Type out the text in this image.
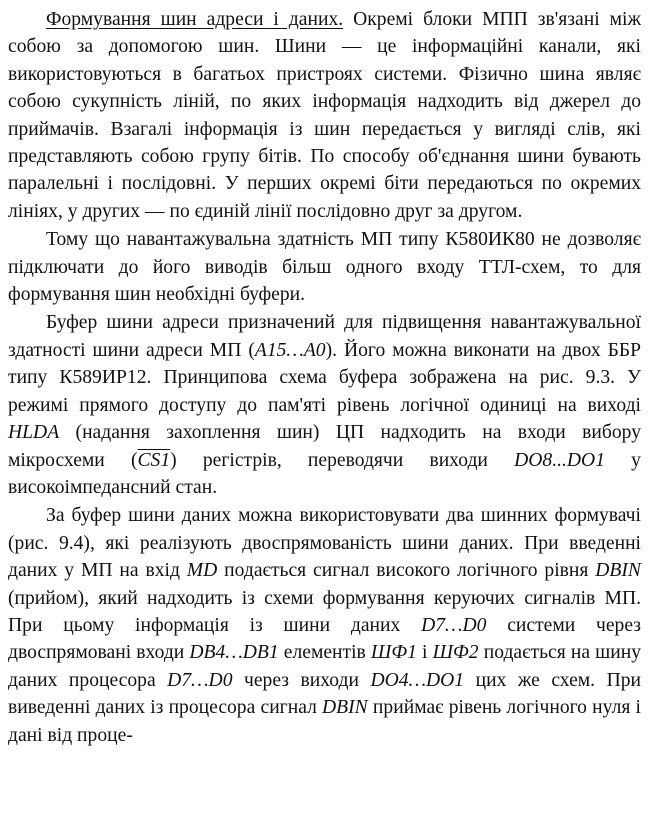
Формування шин адреси і даних. Окремі блоки МПП зв'язані між собою за допомогою шин. Шини — це інформаційні канали, які використовуються в багатьох пристроях системи. Фізично шина являє собою сукупність ліній, по яких інформація надходить від джерел до приймачів. Взагалі інформація із шин передається у вигляді слів, які представляють собою групу бітів. По способу об'єднання шини бувають паралельні і послідовні. У перших окремі біти передаються по окремих лініях, у других — по єдиній лінії послідовно друг за другом.

Тому що навантажувальна здатність МП типу К580ИК80 не дозволяє підключати до його виводів більш одного входу ТТЛ-схем, то для формування шин необхідні буфери.

Буфер шини адреси призначений для підвищення навантажувальної здатності шини адреси МП (A15…A0). Його можна виконати на двох ББР типу К589ИР12. Принципова схема буфера зображена на рис. 9.3. У режимі прямого доступу до пам'яті рівень логічної одиниці на виході HLDA (надання захоплення шин) ЦП надходить на входи вибору мікросхеми (CS1) регістрів, переводячи виходи DO8...DO1 у високоімпедансний стан.

За буфер шини даних можна використовувати два шинних формувачі (рис. 9.4), які реалізують двоспрямованість шини даних. При введенні даних у МП на вхід MD подається сигнал високого логічного рівня DBIN (прийом), який надходить із схеми формування керуючих сигналів МП. При цьому інформація із шини даних D7…D0 системи через двоспрямовані входи DB4…DB1 елементів ШФ1 і ШФ2 подається на шину даних процесора D7…D0 через виходи DO4…DO1 цих же схем. При виведенні даних із процесора сигнал DBIN приймає рівень логічного нуля і дані від проце-
